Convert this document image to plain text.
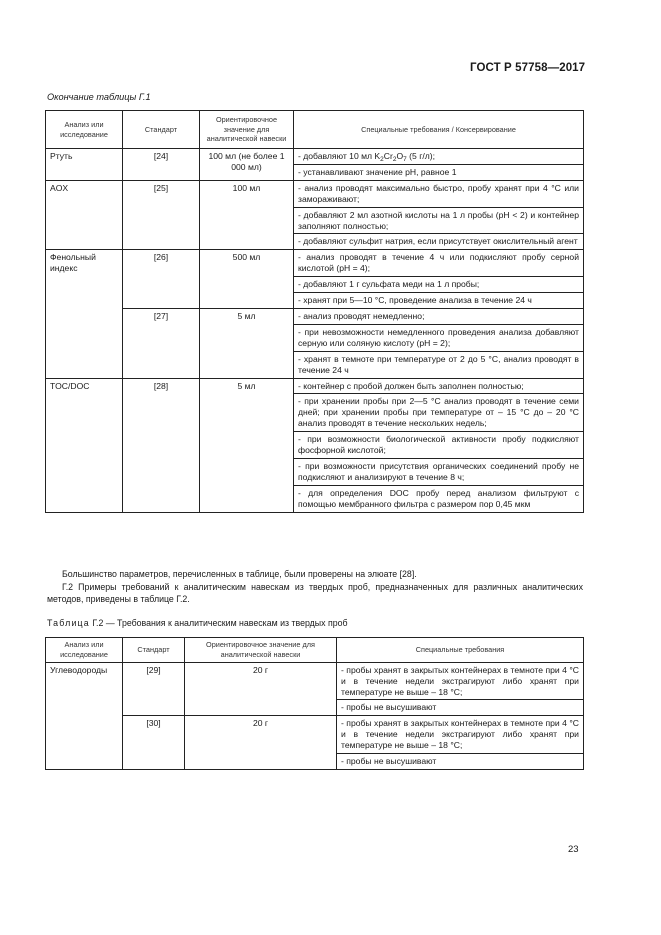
ГОСТ Р 57758—2017
Окончание таблицы Г.1
Анализ или исследование	Стандарт	Ориентировочное значение для аналитической навески	Специальные требования / Консервирование
Ртуть	[24]	100 мл (не более 1 000 мл)	- добавляют 10 мл $K_2Cr_2O_7$ (5 г/л);
- устанавливают значение рН, равное 1

AOX	[25]	100 мл	- анализ проводят максимально быстро, пробу хранят при 4 °С или замораживают;
- добавляют 2 мл азотной кислоты на 1 л пробы (рН < 2) и контейнер заполняют полностью;
- добавляют сульфит натрия, если присутствует окислительный агент

Фенольный индекс	[26]	500 мл	- анализ проводят в течение 4 ч или подкисляют пробу серной кислотой (рН = 4);
- добавляют 1 г сульфата меди на 1 л пробы;
- хранят при 5—10 °С, проведение анализа в течение 24 ч

	[27]	5 мл	- анализ проводят немедленно;
- при невозможности немедленного проведения анализа добавляют серную или соляную кислоту (рН = 2);
- хранят в темноте при температуре от 2 до 5 °С, анализ проводят в течение 24 ч

TOC/DOC	[28]	5 мл	- контейнер с пробой должен быть заполнен полностью;
- при хранении пробы при 2—5 °С анализ проводят в течение семи дней; при хранении пробы при температуре от – 15 °С до – 20 °С анализ проводят в течение нескольких недель;
- при возможности биологической активности пробу подкисляют фосфорной кислотой;
- при возможности присутствия органических соединений пробу не подкисляют и анализируют в течение 8 ч;
- для определения DOC пробу перед анализом фильтруют с помощью мембранного фильтра с размером пор 0,45 мкм
Большинство параметров, перечисленных в таблице, были проверены на элюате [28].
Г.2 Примеры требований к аналитическим навескам из твердых проб, предназначенных для различных аналитических методов, приведены в таблице Г.2.
Таблица Г.2 — Требования к аналитическим навескам из твердых проб
Анализ или исследование	Стандарт	Ориентировочное значение для аналитической навески	Специальные требования
Углеводороды	[29]	20 г	- пробы хранят в закрытых контейнерах в темноте при 4 °С и в течение недели экстрагируют либо хранят при температуре не выше – 18 °С;
- пробы не высушивают

	[30]	20 г	- пробы хранят в закрытых контейнерах в темноте при 4 °С и в течение недели экстрагируют либо хранят при температуре не выше – 18 °С;
- пробы не высушивают
23
